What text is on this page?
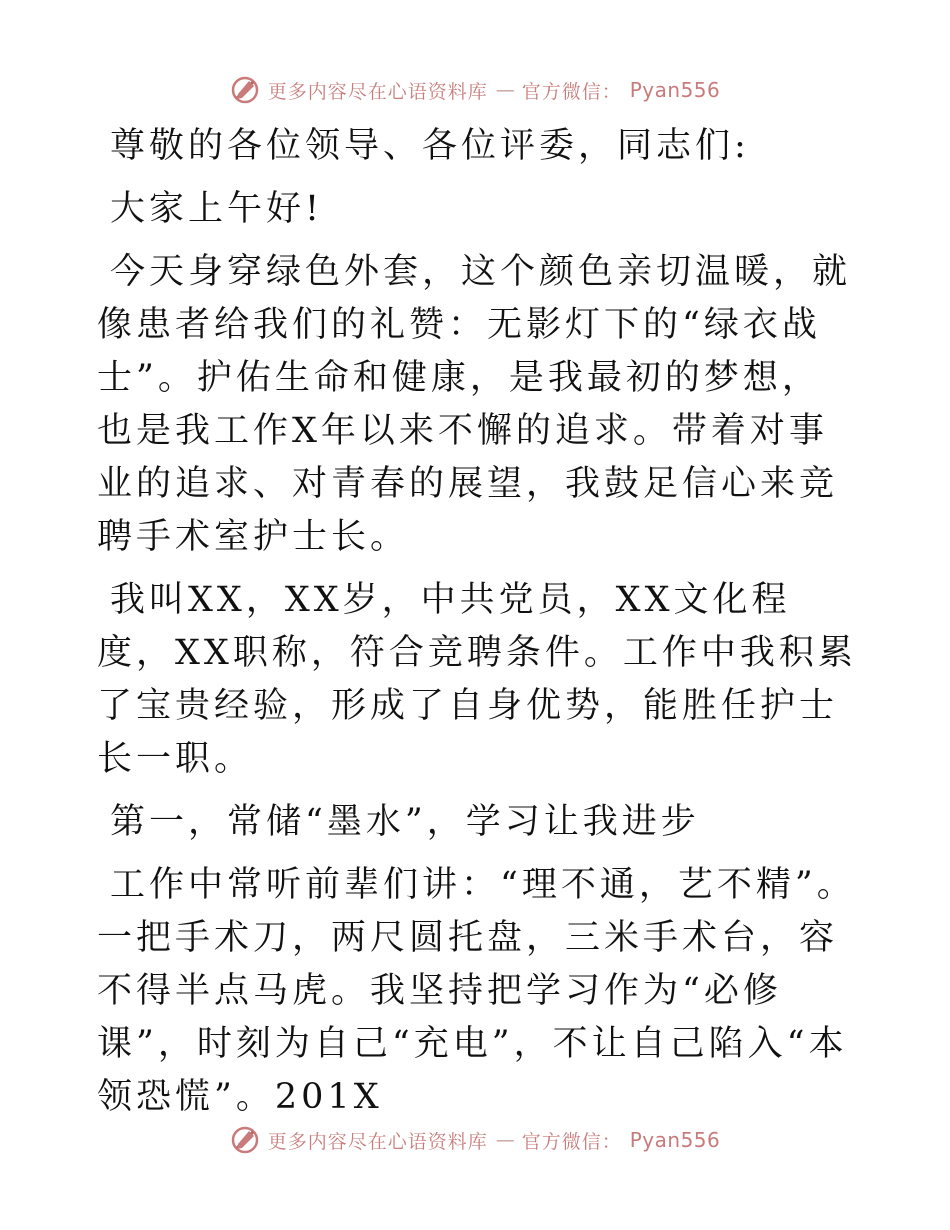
更多内容尽在心语资料库 — 官方微信： Pyan556

尊敬的各位领导、各位评委，同志们:

大家上午好!

今天身穿绿色外套，这个颜色亲切温暖，就像患者给我们的礼赞：无影灯下的“绿衣战士”。护佑生命和健康，是我最初的梦想，也是我工作X年以来不懈的追求。带着对事业的追求、对青春的展望，我鼓足信心来竞聘手术室护士长。

我叫XX，XX岁，中共党员，XX文化程度，XX职称，符合竞聘条件。工作中我积累了宝贵经验，形成了自身优势，能胜任护士长一职。

第一，常储“墨水”，学习让我进步

工作中常听前辈们讲：“理不通，艺不精”。一把手术刀，两尺圆托盘，三米手术台，容不得半点马虎。我坚持把学习作为“必修课”，时刻为自己“充电”，不让自己陷入“本领恐慌”。201X

更多内容尽在心语资料库 — 官方微信： Pyan556
